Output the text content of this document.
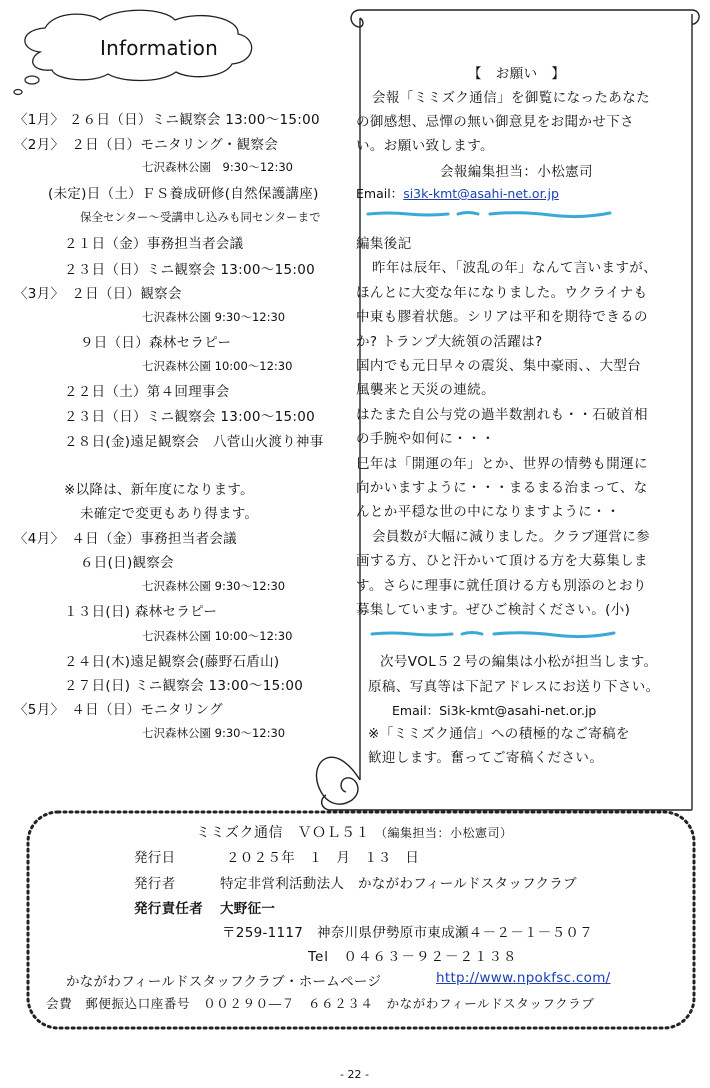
Information
〈1月〉 ２６日（日）ミニ観察会 13:00～15:00
〈2月〉　２日（日）モニタリング・観察会
七沢森林公園　9:30～12:30
(未定)日（土）ＦＳ養成研修(自然保護講座)
保全センター～受講申し込みも同センターまで
２１日（金）事務担当者会議
２３日（日）ミニ観察会 13:00～15:00
〈3月〉　２日（日）観察会
七沢森林公園 9:30～12:30
９日（日）森林セラピー
七沢森林公園 10:00～12:30
２２日（土）第４回理事会
２３日（日）ミニ観察会 13:00～15:00
２８日(金)遠足観察会　八菅山火渡り神事
※以降は、新年度になります。
未確定で変更もあり得ます。
〈4月〉　４日（金）事務担当者会議
６日(日)観察会
七沢森林公園 9:30～12:30
１３日(日) 森林セラピー
七沢森林公園 10:00～12:30
２４日(木)遠足観察会(藤野石盾山)
２７日(日) ミニ観察会 13:00～15:00
〈5月〉　４日（日）モニタリング
七沢森林公園 9:30～12:30
【　お願い　】
会報「ミミズク通信」を御覧になったあなた
の御感想、忌憚の無い御意見をお聞かせ下さ
い。お願い致します。
会報編集担当：小松憲司
Email：si3k-kmt@asahi-net.or.jp
編集後記
昨年は辰年、「波乱の年」なんて言いますが、
ほんとに大変な年になりました。ウクライナも
中東も膠着状態。シリアは平和を期待できるの
か? トランプ大統領の活躍は?
国内でも元日早々の震災、集中豪雨、、大型台
風襲来と天災の連続。
はたまた自公与党の過半数割れも・・石破首相
の手腕や如何に・・・
巳年は「開運の年」とか、世界の情勢も開運に
向かいますように・・・まるまる治まって、な
んとか平穏な世の中になりますように・・
会員数が大幅に減りました。クラブ運営に参
画する方、ひと汗かいて頂ける方を大募集しま
す。さらに理事に就任頂ける方も別添のとおり
募集しています。ぜひご検討ください。(小)
次号VOL５２号の編集は小松が担当します。
原稿、写真等は下記アドレスにお送り下さい。
Email：Si3k-kmt@asahi-net.or.jp
※「ミミズク通信」への積極的なご寄稿を
歓迎します。奮ってご寄稿ください。
ミミズク通信　ＶＯＬ５１ （編集担当：小松憲司）
発行日	２０２５年　１　月　１３　日
発行者	特定非営利活動法人　かながわフィールドスタッフクラブ
発行責任者 大野征一
〒259-1117　神奈川県伊勢原市東成瀬４－２－１－５０７
Tel　０４６３－９２－２１３８
かながわフィールドスタッフクラブ・ホームページ	http://www.npokfsc.com/
会費　郵便振込口座番号　００２９０―７　６６２３４　かながわフィールドスタッフクラブ
- 22 -
